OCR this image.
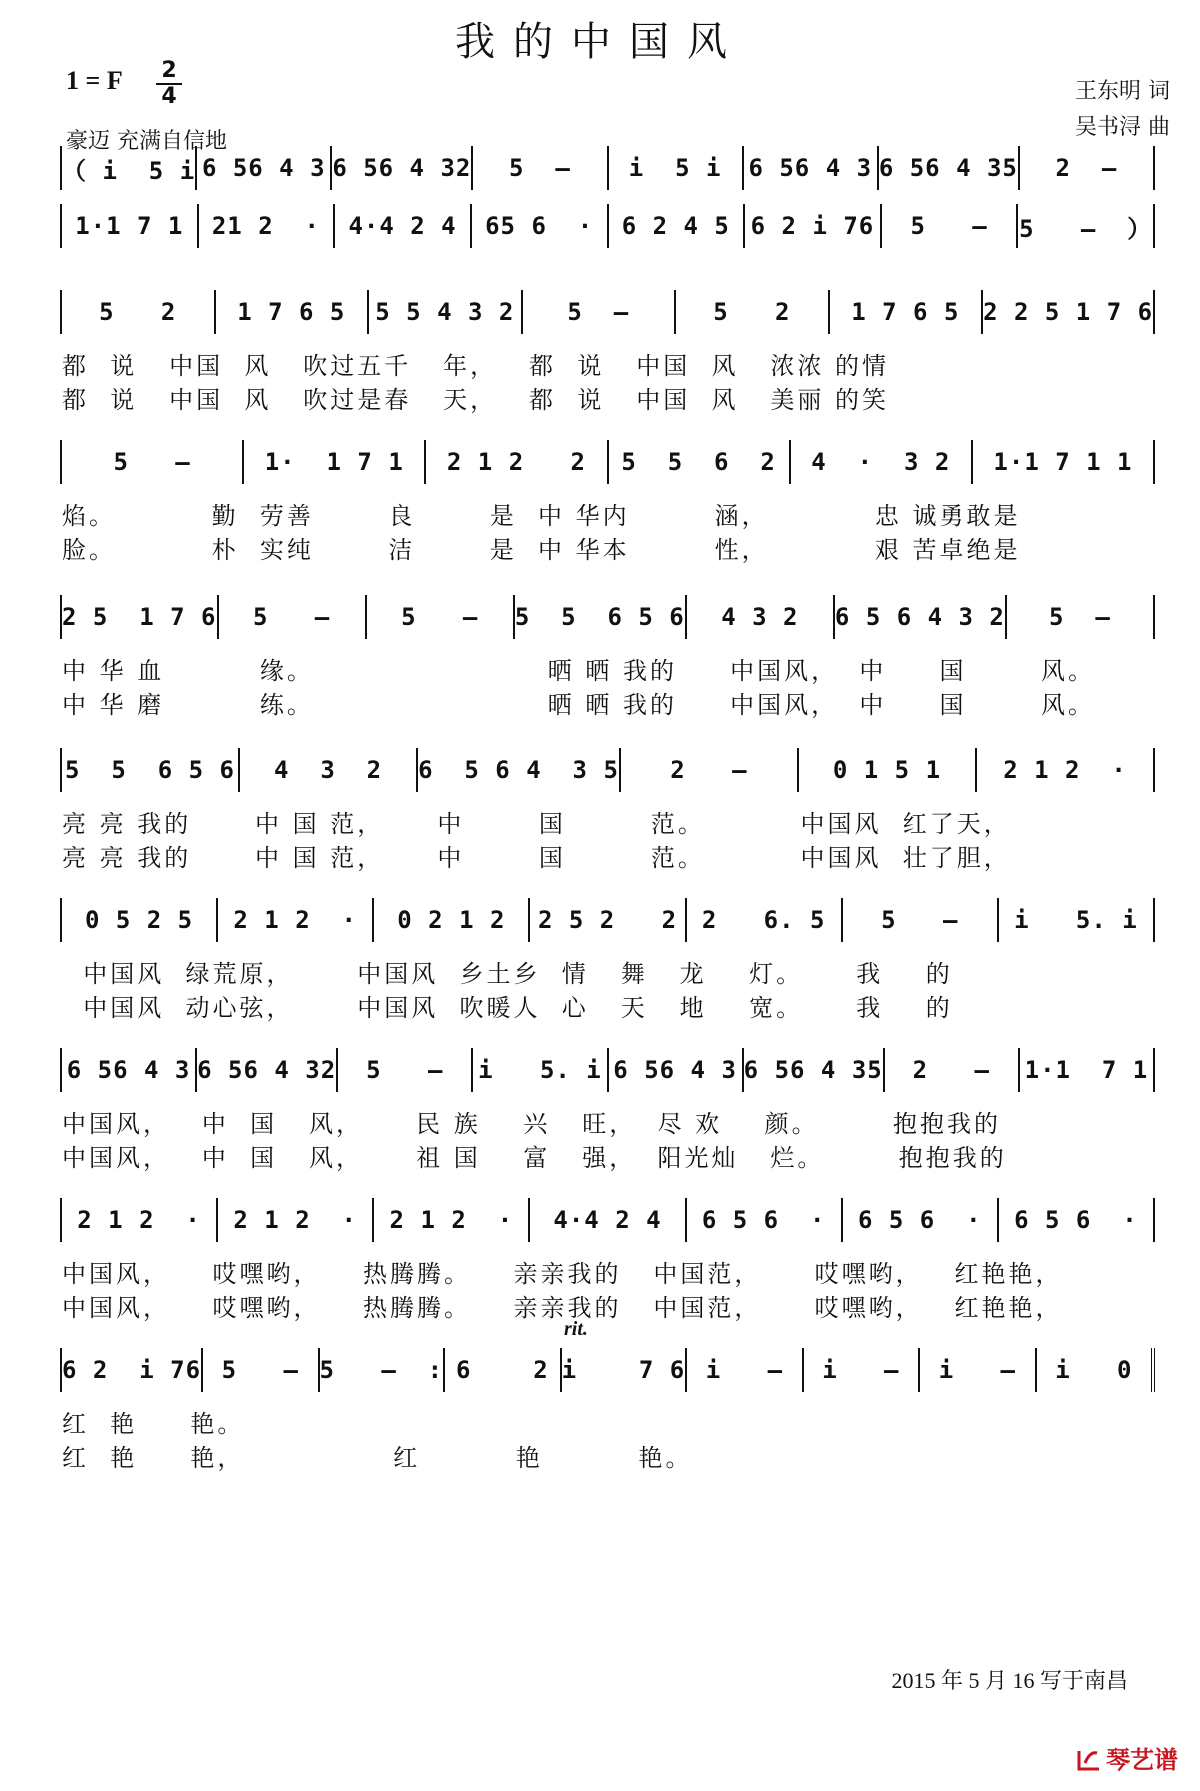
我的中国风
1 = F 2
4
豪迈 充满自信地
王东明 词
吴书浔 曲
（ i  5 i 6 56 4 3 6 56 4 32	5  –	i  5 i	6 56 4 3 6 56 4 35	2  –
1·1 7 1	21 2  ·	4·4 2 4	65 6  ·	6 2 4 5 6 2 i 76	5   –	5   –  ）
5   2	1 7 6 5	5 5 4 3 2	5  –	5   2	1 7 6 5 2 2 5 1 7 6
都  说   中国  风   吹过五千   年，   都  说   中国  风   浓浓 的情
都  说   中国  风   吹过是春   天，   都  说   中国  风   美丽 的笑
5   –	1·  1 7 1	2 1 2   2	5  5  6  2	4  ·  3 2	1·1 7 1 1
焰。         勤  劳善       良       是  中 华内        涵，          忠 诚勇敢是
脸。         朴  实纯       洁       是  中 华本        性，          艰 苦卓绝是
2 5  1 7 6	5   –	5   –	5  5  6 5 6	4 3 2	6 5 6 4 3 2	5  –
中 华 血         缘。                      晒 晒 我的     中国风，  中     国       风。
中 华 磨         练。                      晒 晒 我的     中国风，  中     国       风。
5  5  6 5 6	4  3  2	6  5 6 4  3 5	2   –	0 1 5 1	2 1 2  ·
亮 亮 我的      中 国 范，     中       国        范。         中国风  红了天，
亮 亮 我的      中 国 范，     中       国        范。         中国风  壮了胆，
0 5 2 5	2 1 2  ·	0 2 1 2	2 5 2   2	2   6. 5	5   –	i   5. i
中国风  绿荒原，      中国风  乡土乡  情   舞   龙    灯。     我    的
中国风  动心弦，      中国风  吹暖人  心   天   地    宽。     我    的
6 56 4 3 6 56 4 32	5   –	i   5. i 6 56 4 3 6 56 4 35	2   –	1·1  7 1
中国风，   中  国   风，     民 族    兴   旺，  尽 欢    颜。       抱抱我的
中国风，   中  国   风，     祖 国    富   强，  阳光灿   烂。       抱抱我的
2 1 2  ·	2 1 2  ·	2 1 2  ·	4·4 2 4	6 5 6  ·	6 5 6  ·	6 5 6  ·
中国风，    哎嘿哟，    热腾腾。    亲亲我的   中国范，     哎嘿哟，   红艳艳，
中国风，    哎嘿哟，    热腾腾。    亲亲我的   中国范，     哎嘿哟，   红艳艳，
6 2  i 76 5   – 5   –  : 6    2 i    7 6 i   –	i   –	i   –	i   0
红  艳     艳。
红  艳     艳，              红         艳         艳。
rit.
2015 年 5 月 16 写于南昌
琴艺谱
